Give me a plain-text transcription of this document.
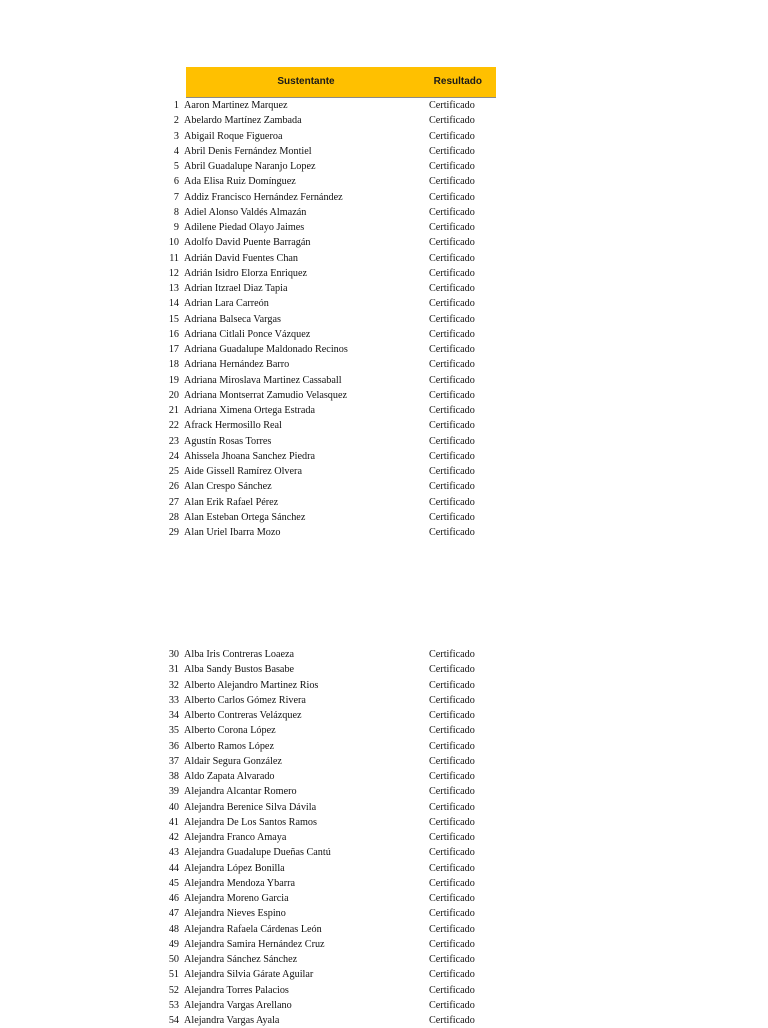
Sustentante	Resultado
1 Aaron Martinez Marquez	Certificado
2 Abelardo Martínez Zambada	Certificado
3 Abigail Roque Figueroa	Certificado
4 Abril Denis Fernández Montiel	Certificado
5 Abril Guadalupe Naranjo Lopez	Certificado
6 Ada Elisa Ruiz Domínguez	Certificado
7 Addiz Francisco Hernández Fernández	Certificado
8 Adiel Alonso Valdés Almazán	Certificado
9 Adilene Piedad Olayo Jaimes	Certificado
10 Adolfo David Puente Barragán	Certificado
11 Adrián David Fuentes Chan	Certificado
12 Adrián Isidro Elorza Enriquez	Certificado
13 Adrian Itzrael Diaz Tapia	Certificado
14 Adrian Lara Carreón	Certificado
15 Adriana Balseca Vargas	Certificado
16 Adriana Citlali Ponce Vázquez	Certificado
17 Adriana Guadalupe Maldonado Recinos	Certificado
18 Adriana Hernández Barro	Certificado
19 Adriana Miroslava Martinez Cassaball	Certificado
20 Adriana Montserrat Zamudio Velasquez	Certificado
21 Adriana Ximena Ortega Estrada	Certificado
22 Afrack Hermosillo Real	Certificado
23 Agustín Rosas Torres	Certificado
24 Ahissela Jhoana Sanchez Piedra	Certificado
25 Aide Gissell Ramírez Olvera	Certificado
26 Alan Crespo Sánchez	Certificado
27 Alan Erik Rafael Pérez	Certificado
28 Alan Esteban Ortega Sánchez	Certificado
29 Alan Uriel Ibarra Mozo	Certificado
30 Alba Iris Contreras Loaeza	Certificado
31 Alba Sandy Bustos Basabe	Certificado
32 Alberto Alejandro Martinez Rios	Certificado
33 Alberto Carlos Gómez Rivera	Certificado
34 Alberto Contreras Velázquez	Certificado
35 Alberto Corona López	Certificado
36 Alberto Ramos López	Certificado
37 Aldair Segura González	Certificado
38 Aldo Zapata Alvarado	Certificado
39 Alejandra Alcantar Romero	Certificado
40 Alejandra Berenice Silva Dávila	Certificado
41 Alejandra De Los Santos Ramos	Certificado
42 Alejandra Franco Amaya	Certificado
43 Alejandra Guadalupe Dueñas Cantú	Certificado
44 Alejandra López Bonilla	Certificado
45 Alejandra Mendoza Ybarra	Certificado
46 Alejandra Moreno Garcia	Certificado
47 Alejandra Nieves Espino	Certificado
48 Alejandra Rafaela Cárdenas León	Certificado
49 Alejandra Samira Hernández Cruz	Certificado
50 Alejandra Sánchez Sánchez	Certificado
51 Alejandra Silvia Gárate Aguilar	Certificado
52 Alejandra Torres Palacios	Certificado
53 Alejandra Vargas Arellano	Certificado
54 Alejandra Vargas Ayala	Certificado
